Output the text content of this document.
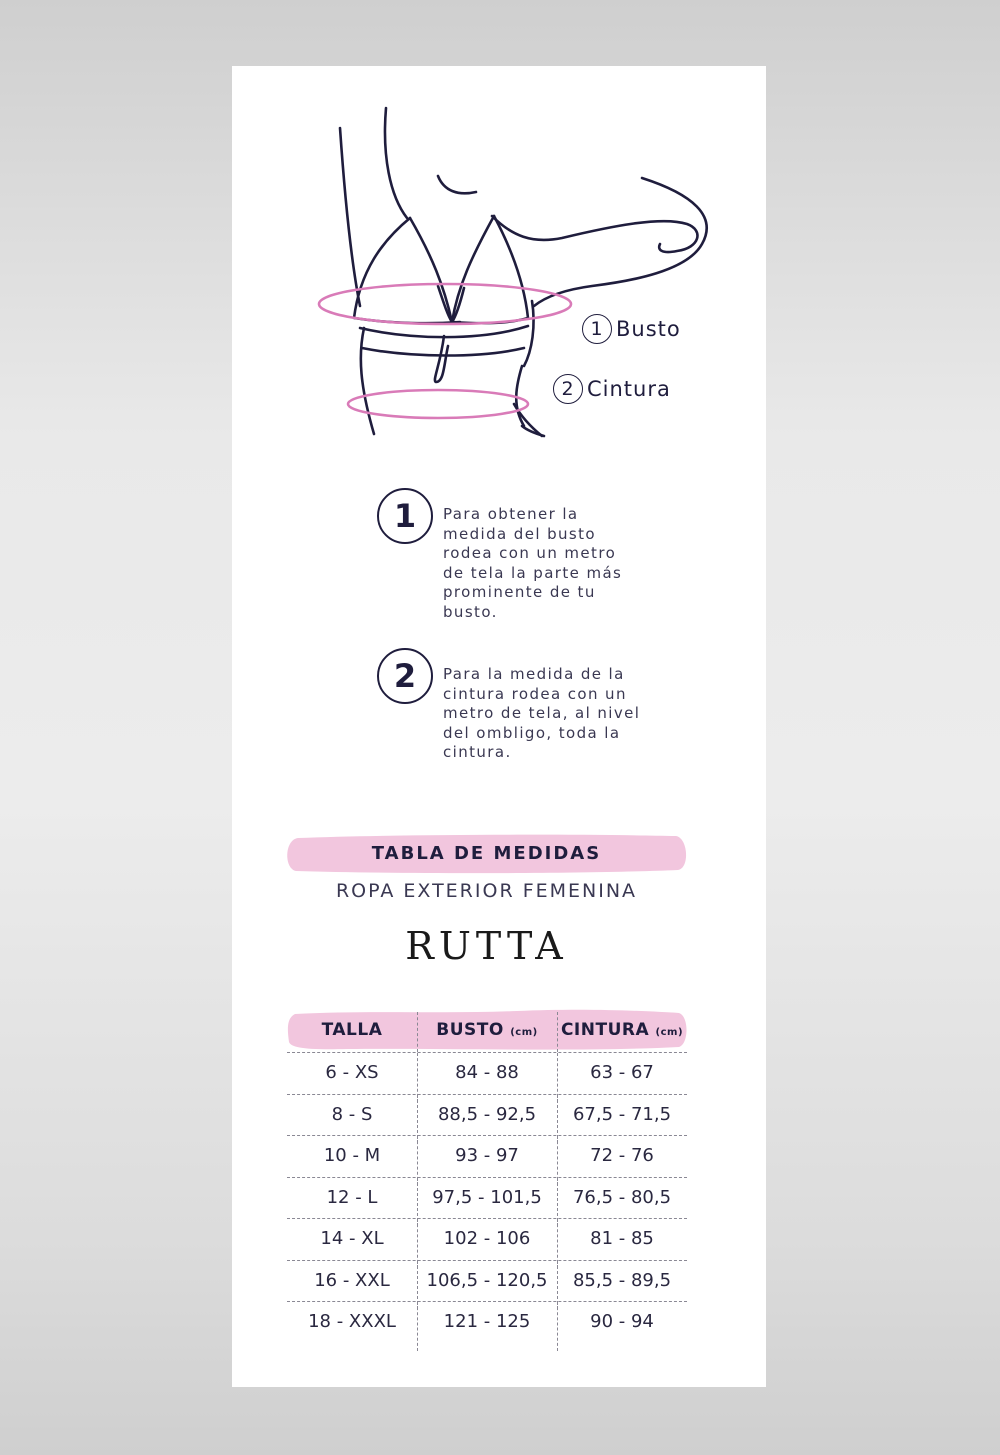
1 Busto
2 Cintura
1	Para obtener la medida del busto rodea con un metro de tela la parte más prominente de tu busto.
2	Para la medida de la cintura rodea con un metro de tela, al nivel del ombligo, toda la cintura.
TABLA DE MEDIDAS
ROPA EXTERIOR FEMENINA
RUTTA
TALLA	BUSTO (cm)	CINTURA (cm)
6 - XS	84 - 88	63 - 67
8 - S	88,5 - 92,5	67,5 - 71,5
10 - M	93 - 97	72 - 76
12 - L	97,5 - 101,5	76,5 - 80,5
14 - XL	102 - 106	81 - 85
16 - XXL	106,5 - 120,5	85,5 - 89,5
18 - XXXL	121 - 125	90 - 94
